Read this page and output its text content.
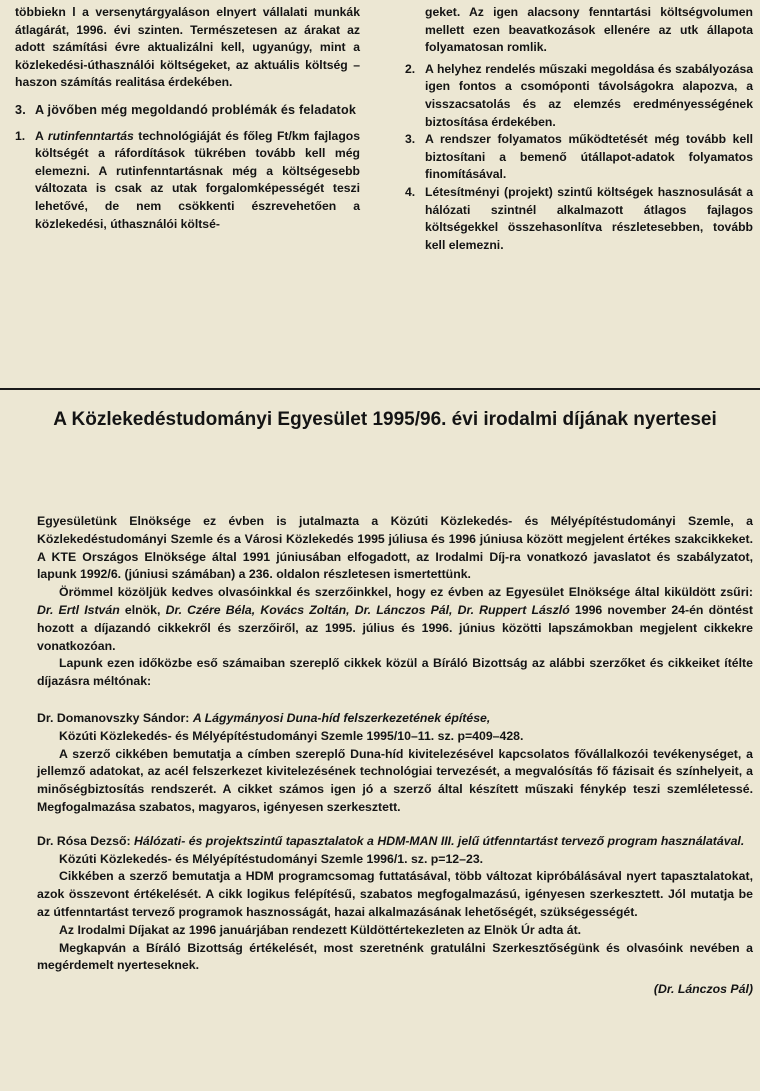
többiekn l a versenytárgyaláson elnyert vállalati munkák átlagárát, 1996. évi szinten. Természetesen az árakat az adott számítási évre aktualizálni kell, ugyanúgy, mint a közlekedési-úthasználói költségeket, az aktuális költség – haszon számítás realitása érdekében.

3. A jövőben még megoldandó problémák és feladatok

1. A rutinfenntartás technológiáját és főleg Ft/km fajlagos költségét a ráfordítások tükrében tovább kell még elemezni. A rutinfenntartásnak még a költségesebb változata is csak az utak forgalomképességét teszi lehetővé, de nem csökkenti észrevehetően a közlekedési, úthasználói költsé-

geket. Az igen alacsony fenntartási költségvolumen mellett ezen beavatkozások ellenére az utk állapota folyamatosan romlik.

2. A helyhez rendelés műszaki megoldása és szabályozása igen fontos a csomóponti távolságokra alapozva, a visszacsatolás és az elemzés eredményességének biztosítása érdekében.
3. A rendszer folyamatos működtetését még tovább kell biztosítani a bemenő útállapot-adatok folyamatos finomításával.
4. Létesítményi (projekt) szintű költségek hasznosulását a hálózati szintnél alkalmazott átlagos fajlagos költségekkel összehasonlítva részletesebben, tovább kell elemezni.
A Közlekedéstudományi Egyesület 1995/96. évi irodalmi díjának nyertesei

Egyesületünk Elnöksége ez évben is jutalmazta a Közúti Közlekedés- és Mélyépítéstudományi Szemle, a Közlekedéstudományi Szemle és a Városi Közlekedés 1995 júliusa és 1996 júniusa között megjelent értékes szakcikkeket. A KTE Országos Elnöksége által 1991 júniusában elfogadott, az Irodalmi Díj-ra vonatkozó javaslatot és szabályzatot, lapunk 1992/6. (júniusi számában) a 236. oldalon részletesen ismertettünk.

Örömmel közöljük kedves olvasóinkkal és szerzőinkkel, hogy ez évben az Egyesület Elnöksége által kiküldött zsűri: Dr. Ertl István elnök, Dr. Czére Béla, Kovács Zoltán, Dr. Lánczos Pál, Dr. Ruppert László 1996 november 24-én döntést hozott a díjazandó cikkekről és szerzőiről, az 1995. július és 1996. június közötti lapszámokban megjelent cikkekre vonatkozóan.

Lapunk ezen időközbe eső számaiban szereplő cikkek közül a Bíráló Bizottság az alábbi szerzőket és cikkeiket ítélte díjazásra méltónak:

Dr. Domanovszky Sándor: A Lágymányosi Duna-híd felszerkezetének építése,

Közúti Közlekedés- és Mélyépítéstudományi Szemle 1995/10–11. sz. p=409–428.

A szerző cikkében bemutatja a címben szereplő Duna-híd kivitelezésével kapcsolatos fővállalkozói tevékenységet, a jellemző adatokat, az acél felszerkezet kivitelezésének technológiai tervezését, a megvalósítás fő fázisait és színhelyeit, a minőségbiztosítás rendszerét. A cikket számos igen jó a szerző által készített műszaki fénykép teszi szemléletessé. Megfogalmazása szabatos, magyaros, igényesen szerkesztett.

Dr. Rósa Dezső: Hálózati- és projektszintű tapasztalatok a HDM-MAN III. jelű útfenntartást tervező program használatával.

Közúti Közlekedés- és Mélyépítéstudományi Szemle 1996/1. sz. p=12–23.

Cikkében a szerző bemutatja a HDM programcsomag futtatásával, több változat kipróbálásával nyert tapasztalatokat, azok összevont értékelését. A cikk logikus felépítésű, szabatos megfogalmazású, igényesen szerkesztett. Jól mutatja be az útfenntartást tervező programok hasznosságát, hazai alkalmazásának lehetőségét, szükségességét.

Az Irodalmi Díjakat az 1996 januárjában rendezett Küldöttértekezleten az Elnök Úr adta át.

Megkapván a Bíráló Bizottság értékelését, most szeretnénk gratulálni Szerkesztőségünk és olvasóink nevében a megérdemelt nyerteseknek.

(Dr. Lánczos Pál)
